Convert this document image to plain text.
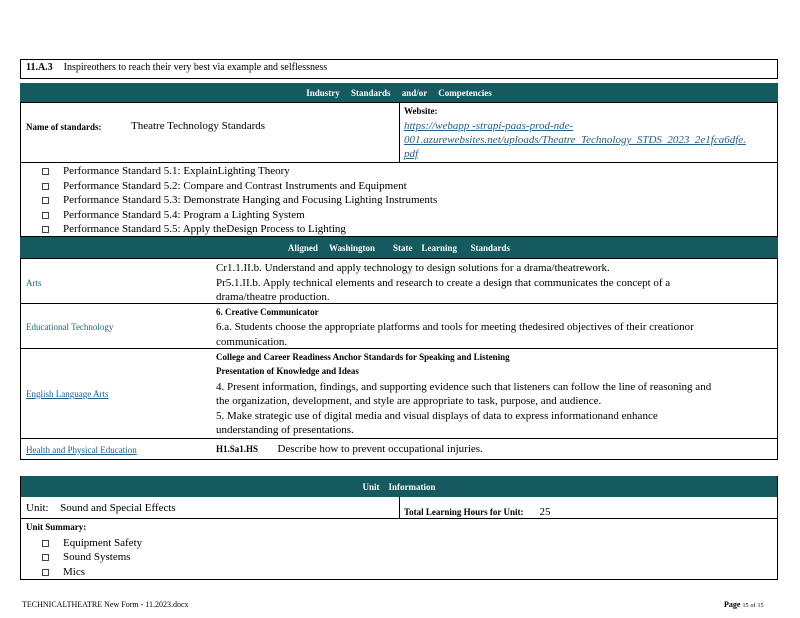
11.A.3 Inspireothers to reach their very best via example and selflessness
Industry     Standards     and/or     Competencies
Name of standards:	Theatre Technology Standards
Website:
https://webapp -strapi-paas-prod-nde-
001.azurewebsites.net/uploads/Theatre_Technology_STDS_2023_2e1fca6dfe.
pdf
Performance Standard 5.1: ExplainLighting Theory
Performance Standard 5.2: Compare and Contrast Instruments and Equipment
Performance Standard 5.3: Demonstrate Hanging and Focusing Lighting Instruments
Performance Standard 5.4: Program a Lighting System
Performance Standard 5.5: Apply theDesign Process to Lighting
Aligned     Washington        State    Learning      Standards
Arts
Cr1.1.II.b. Understand and apply technology to design solutions for a drama/theatrework.
Pr5.1.II.b. Apply technical elements and research to create a design that communicates the concept of a
drama/theatre production.
Educational Technology
6. Creative Communicator
6.a. Students choose the appropriate platforms and tools for meeting thedesired objectives of their creationor
communication.
English Language Arts
College and Career Readiness Anchor Standards for Speaking and Listening
Presentation of Knowledge and Ideas
4. Present information, findings, and supporting evidence such that listeners can follow the line of reasoning and
the organization, development, and style are appropriate to task, purpose, and audience.
5. Make strategic use of digital media and visual displays of data to express informationand enhance
understanding of presentations.
Health and Physical Education	H1.Sa1.HS Describe how to prevent occupational injuries.
Unit    Information
Unit: Sound and Special Effects	Total Learning Hours for Unit: 25
Unit Summary:
Equipment Safety
Sound Systems
Mics
TECHNICALTHEATRE New Form - 11.2023.docx	Page 15 of 15
